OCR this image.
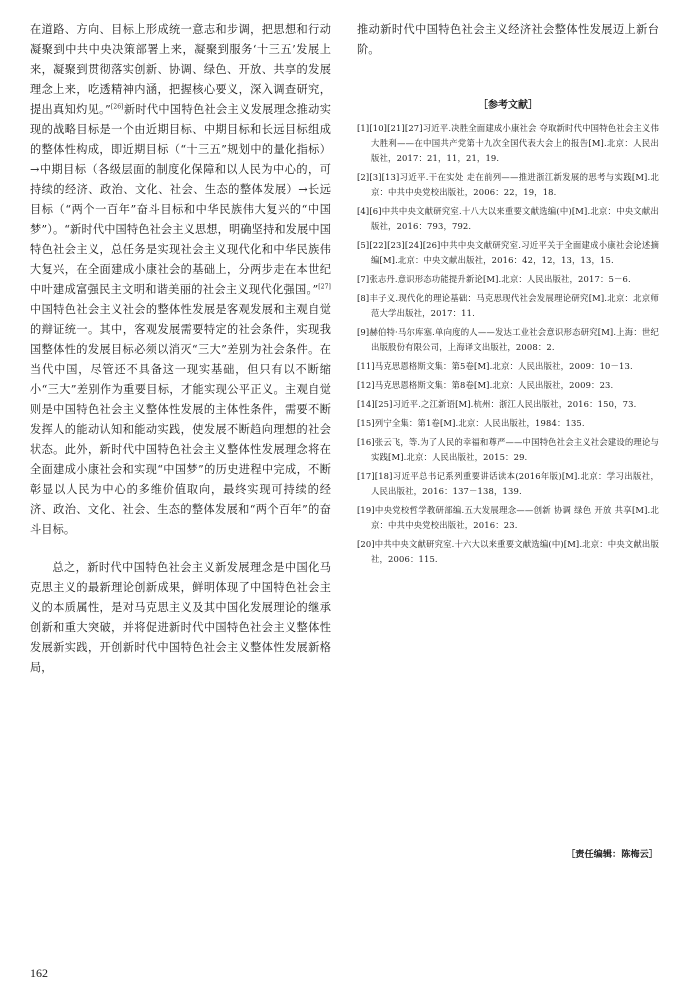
在道路、方向、目标上形成统一意志和步调，把思想和行动凝聚到中共中央决策部署上来，凝聚到服务‘十三五’发展上来，凝聚到贯彻落实创新、协调、绿色、开放、共享的发展理念上来，吃透精神内涵，把握核心要义，深入调查研究，提出真知灼见。”[26]新时代中国特色社会主义发展理念推动实现的战略目标是一个由近期目标、中期目标和长远目标组成的整体性构成，即近期目标（“十三五”规划中的量化指标）→中期目标（各级层面的制度化保障和以人民为中心的，可持续的经济、政治、文化、社会、生态的整体发展）→长远目标（“两个一百年”奋斗目标和中华民族伟大复兴的“中国梦”）。“新时代中国特色社会主义思想，明确坚持和发展中国特色社会主义，总任务是实现社会主义现代化和中华民族伟大复兴，在全面建成小康社会的基础上，分两步走在本世纪中叶建成富强民主文明和谐美丽的社会主义现代化强国。”[27]中国特色社会主义社会的整体性发展是客观发展和主观自觉的辩证统一。其中，客观发展需要特定的社会条件，实现我国整体性的发展目标必须以消灭“三大”差别为社会条件。在当代中国，尽管还不具备这一现实基础，但只有以不断缩小“三大”差别作为重要目标，才能实现公平正义。主观自觉则是中国特色社会主义整体性发展的主体性条件，需要不断发挥人的能动认知和能动实践，使发展不断趋向理想的社会状态。此外，新时代中国特色社会主义整体性发展理念将在全面建成小康社会和实现“中国梦”的历史进程中完成，不断彰显以人民为中心的多维价值取向，最终实现可持续的经济、政治、文化、社会、生态的整体发展和“两个百年”的奋斗目标。

总之，新时代中国特色社会主义新发展理念是中国化马克思主义的最新理论创新成果，鲜明体现了中国特色社会主义的本质属性，是对马克思主义及其中国化发展理论的继承创新和重大突破，并将促进新时代中国特色社会主义整体性发展新实践，开创新时代中国特色社会主义整体性发展新格局，

推动新时代中国特色社会主义经济社会整体性发展迈上新台阶。

［参考文献］
[1][10][21][27]习近平.决胜全面建成小康社会 夺取新时代中国特色社会主义伟大胜利——在中国共产党第十九次全国代表大会上的报告[M].北京：人民出版社，2017：21，11，21，19.
[2][3][13]习近平.干在实处 走在前列——推进浙江新发展的思考与实践[M].北京：中共中央党校出版社，2006：22，19，18.
[4][6]中共中央文献研究室.十八大以来重要文献选编(中)[M].北京：中央文献出版社，2016：793，792.
[5][22][23][24][26]中共中央文献研究室.习近平关于全面建成小康社会论述摘编[M].北京：中央文献出版社，2016：42，12，13，13，15.
[7]张志丹.意识形态功能提升新论[M].北京：人民出版社，2017：5－6.
[8]丰子义.现代化的理论基础：马克思现代社会发展理论研究[M].北京：北京师范大学出版社，2017：11.
[9]赫伯特·马尔库塞.单向度的人——发达工业社会意识形态研究[M].上海：世纪出版股份有限公司，上海译文出版社，2008：2.
[11]马克思恩格斯文集：第5卷[M].北京：人民出版社，2009：10－13.
[12]马克思恩格斯文集：第8卷[M].北京：人民出版社，2009：23.
[14][25]习近平.之江新语[M].杭州：浙江人民出版社，2016：150，73.
[15]列宁全集：第1卷[M].北京：人民出版社，1984：135.
[16]张云飞，等.为了人民的幸福和尊严——中国特色社会主义社会建设的理论与实践[M].北京：人民出版社，2015：29.
[17][18]习近平总书记系列重要讲话读本(2016年版)[M].北京：学习出版社，人民出版社，2016：137－138，139.
[19]中央党校哲学教研部编.五大发展理念——创新 协调 绿色 开放 共享[M].北京：中共中央党校出版社，2016：23.
[20]中共中央文献研究室.十六大以来重要文献选编(中)[M].北京：中央文献出版社，2006：115.
［责任编辑：陈梅云］
162
